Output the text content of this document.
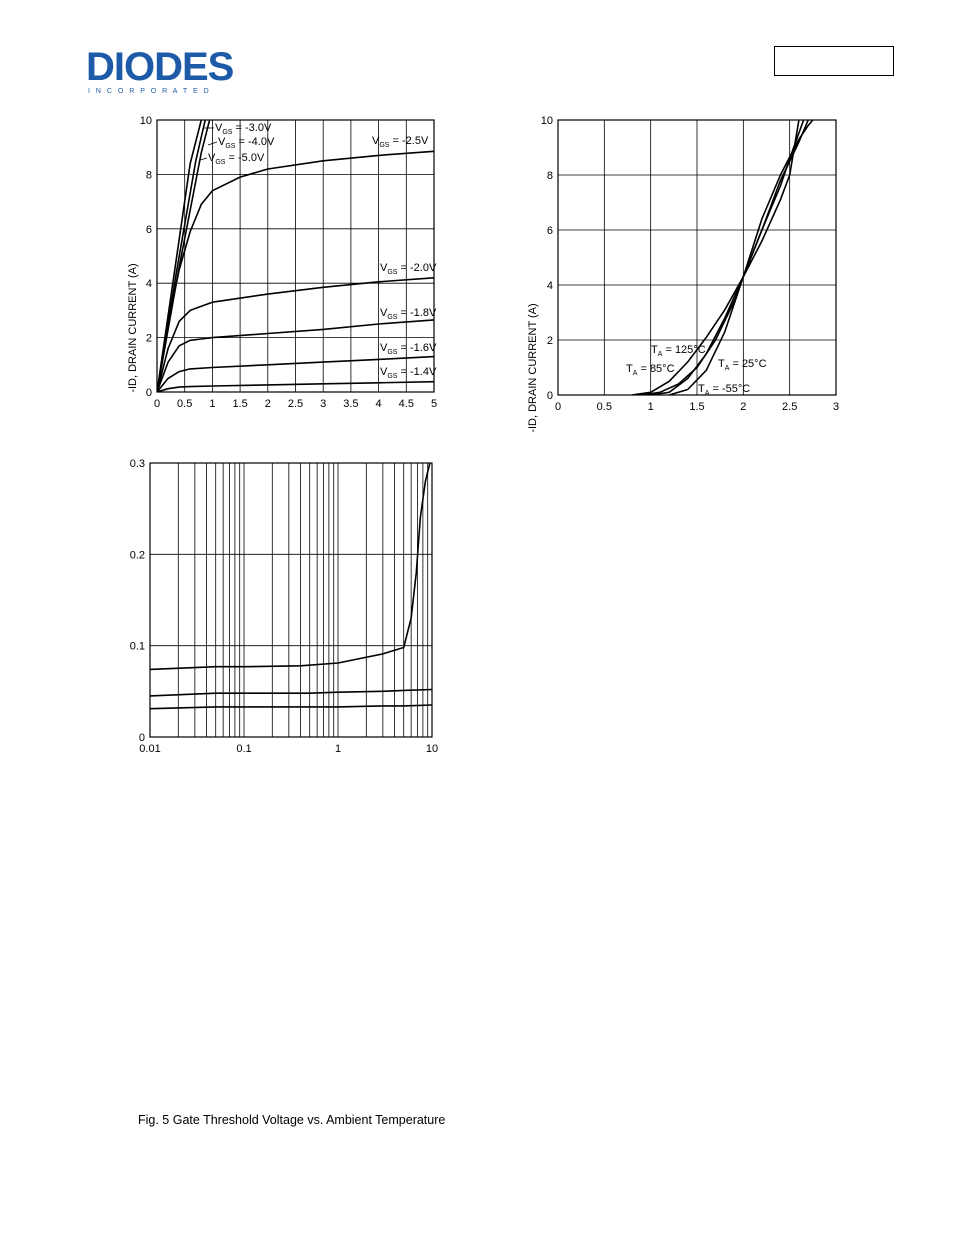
DIODES
I N C O R P O R A T E D
0 0.5 1 1.5 2 2.5 3 3.5 4 4.5 5
0
2
4
6
8
10
-ID, DRAIN CURRENT (A)
$V_{GS} = -3.0V$
$V_{GS} = -4.0V$
$V_{GS} = -5.0V$
$V_{GS} = -2.5V$
$V_{GS} = -2.0V$
$V_{GS} = -1.8V$
$V_{GS} = -1.6V$
$V_{GS} = -1.4V$
0	0.5	1	1.5	2	2.5	3
0
2
4
6
8
10
-ID, DRAIN CURRENT (A)	$T_A = 125^\circ C$
$T_A = 85^\circ C$	$T_A = 25^\circ C$
$T_A = -55^\circ C$
0.01	0.1	1	10
0
0.1
0.2
0.3
Fig. 5 Gate Threshold Voltage vs. Ambient Temperature
